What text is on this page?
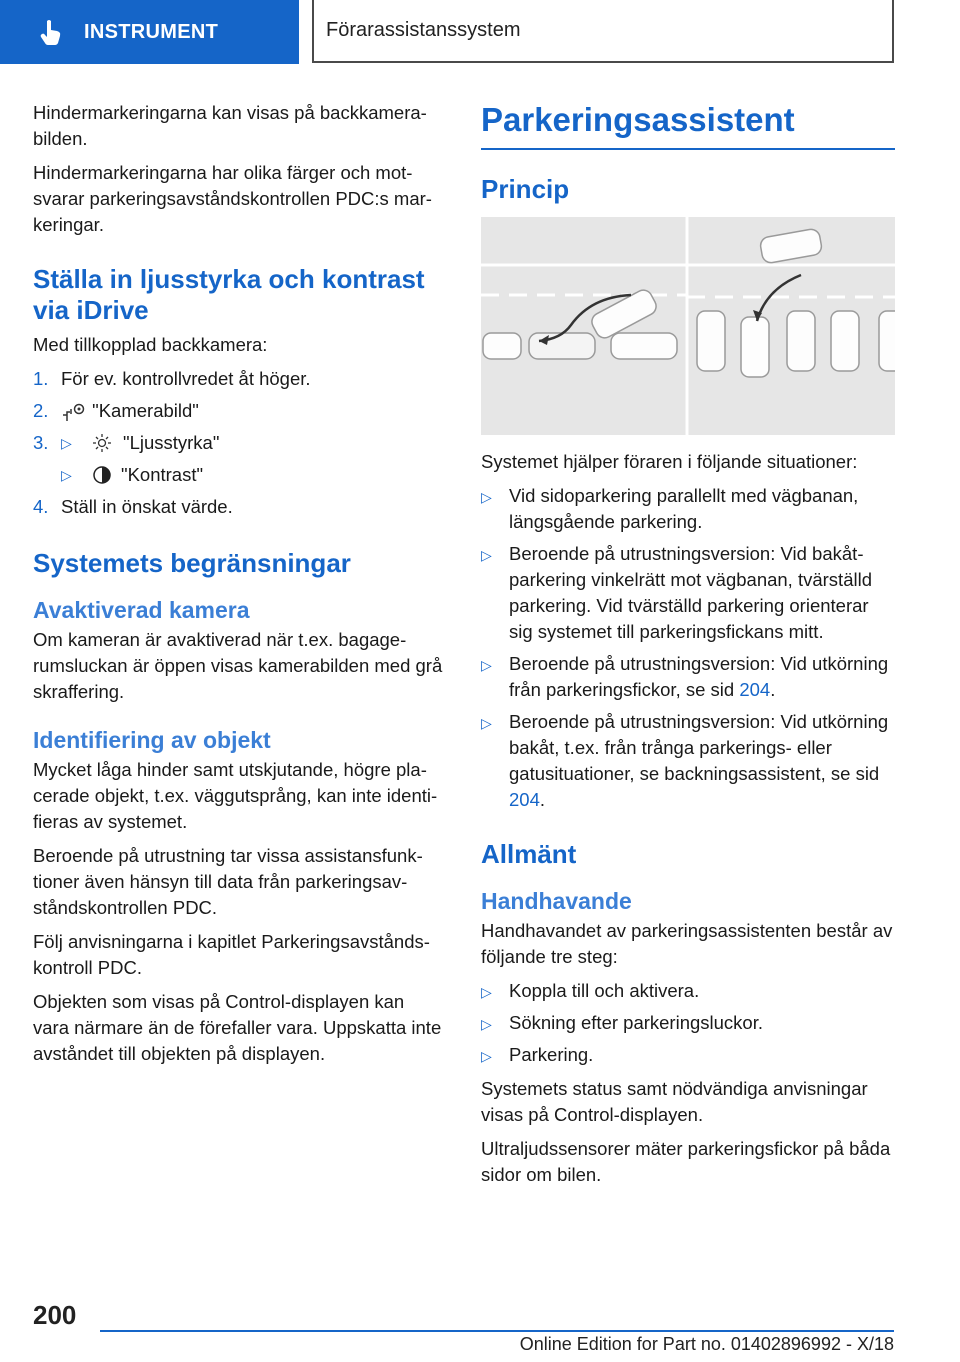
INSTRUMENT	Förarassistanssystem

Hindermarkeringarna kan visas på backkamerabilden.

Hindermarkeringarna har olika färger och motsvarar parkeringsavståndskontrollen PDC:s markeringar.

Ställa in ljusstyrka och kontrast via iDrive

Med tillkopplad backkamera:

1. För ev. kontrollvredet åt höger.
2. "Kamerabild"
3. ▷	"Ljusstyrka"
▷	"Kontrast"
4. Ställ in önskat värde.
Systemets begränsningar
Avaktiverad kamera

Om kameran är avaktiverad när t.ex. bagagerumsluckan är öppen visas kamerabilden med grå skraffering.

Identifiering av objekt

Mycket låga hinder samt utskjutande, högre placerade objekt, t.ex. väggutsprång, kan inte identifieras av systemet.

Beroende på utrustning tar vissa assistansfunktioner även hänsyn till data från parkeringsavståndskontrollen PDC.

Följ anvisningarna i kapitlet Parkeringsavståndskontroll PDC.

Objekten som visas på Control-displayen kan vara närmare än de förefaller vara. Uppskatta inte avståndet till objekten på displayen.

Parkeringsassistent
Princip

Systemet hjälper föraren i följande situationer:

▷ Vid sidoparkering parallellt med vägbanan, längsgående parkering.
▷ Beroende på utrustningsversion: Vid bakåtparkering vinkelrätt mot vägbanan, tvärställd parkering. Vid tvärställd parkering orienterar sig systemet till parkeringsfickans mitt.
▷ Beroende på utrustningsversion: Vid utkörning från parkeringsfickor, se sid 204.
▷ Beroende på utrustningsversion: Vid utkörning bakåt, t.ex. från trånga parkerings- eller gatusituationer, se backningsassistent, se sid 204.
Allmänt
Handhavande

Handhavandet av parkeringsassistenten består av följande tre steg:

▷ Koppla till och aktivera.
▷ Sökning efter parkeringsluckor.
▷ Parkering.

Systemets status samt nödvändiga anvisningar visas på Control-displayen.

Ultraljudssensorer mäter parkeringsfickor på båda sidor om bilen.

200
Online Edition for Part no. 01402896992 - X/18
